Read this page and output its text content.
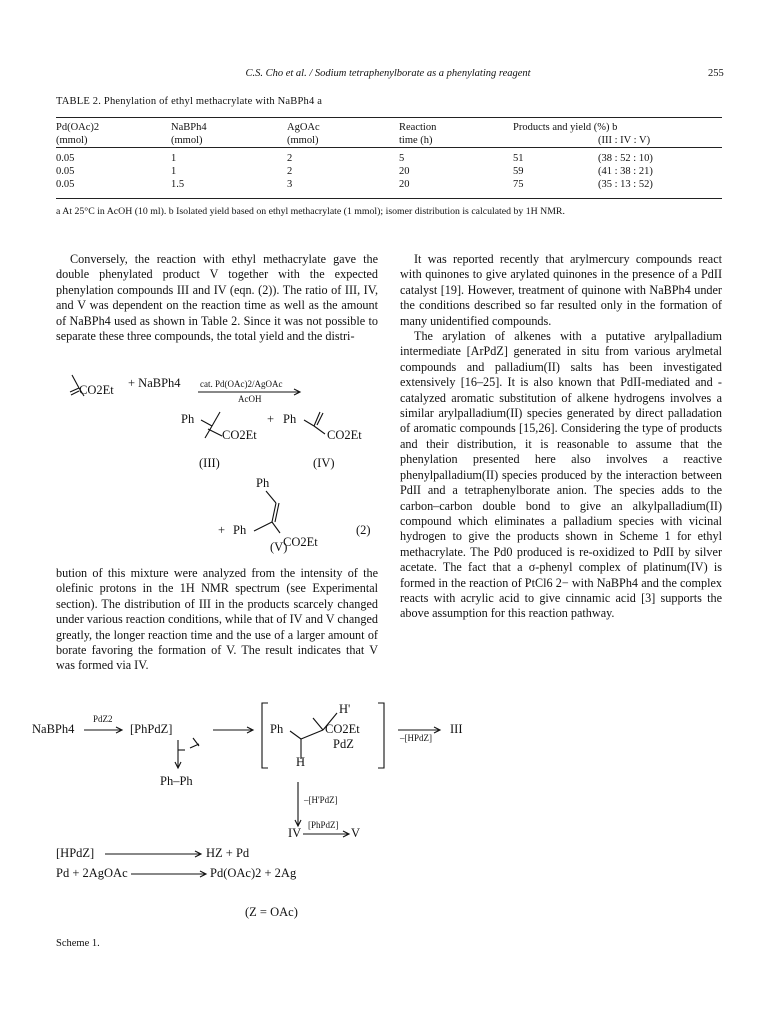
C.S. Cho et al. / Sodium tetraphenylborate as a phenylating reagent	255
TABLE 2. Phenylation of ethyl methacrylate with NaBPh4 a
Pd(OAc)2	NaBPh4	AgOAc	Reaction	Products and yield (%) b	
(mmol)	(mmol)	(mmol)	time (h)		(III : IV : V)

0.05	1	2	5	51	(38 : 52 : 10)
0.05	1	2	20	59	(41 : 38 : 21)
0.05	1.5	3	20	75	(35 : 13 : 52)
a At 25°C in AcOH (10 ml). b Isolated yield based on ethyl methacrylate (1 mmol); isomer distribution is calculated by 1H NMR.

Conversely, the reaction with ethyl methacrylate gave the double phenylated product V together with the expected phenylation compounds III and IV (eqn. (2)). The ratio of III, IV, and V was dependent on the reaction time as well as the amount of NaBPh4 used as shown in Table 2. Since it was not possible to separate these three compounds, the total yield and the distri-

bution of this mixture were analyzed from the intensity of the olefinic protons in the 1H NMR spectrum (see Experimental section). The distribution of III in the products scarcely changed under various reaction conditions, while that of IV and V changed greatly, the longer reaction time and the use of a larger amount of borate favoring the formation of V. The result indicates that V was formed via IV.

It was reported recently that arylmercury compounds react with quinones to give arylated quinones in the presence of a PdII catalyst [19]. However, treatment of quinone with NaBPh4 under the conditions described so far resulted only in the formation of many unidentified compounds.

The arylation of alkenes with a putative arylpalladium intermediate [ArPdZ] generated in situ from various arylmetal compounds and palladium(II) salts has been investigated extensively [16–25]. It is also known that PdII-mediated and -catalyzed aromatic substitution of alkene hydrogens involves a similar arylpalladium(II) species generated by direct palladation of aromatic compounds [15,26]. Considering the type of products and their distribution, it is reasonable to assume that the phenylation presented here also involves a reactive phenylpalladium(II) species produced by the interaction between PdII and a tetraphenylborate anion. The species adds to the carbon–carbon double bond to give an alkylpalladium(II) compound which eliminates a palladium species with vicinal hydrogen to give the products shown in Scheme 1 for ethyl methacrylate. The Pd0 produced is re-oxidized to PdII by silver acetate. The fact that a σ-phenyl complex of platinum(IV) is formed in the reaction of PtCl6 2− with NaBPh4 and the complex reacts with acrylic acid to give cinnamic acid [3] supports the above assumption for this reaction pathway.

CO2Et + NaBPh4 cat. Pd(OAc)2/AgOAc
AcOH
Ph
CO2Et
+ Ph
CO2Et
(III)	(IV)
Ph
+ Ph
CO2Et
(2)
(V)
NaBPh4
PdZ2
[PhPdZ]
Ph–Ph
H'
Ph	CO2Et
PdZ
H
–[HPdZ]
III
–[H'PdZ]
IV
[PhPdZ]
V
[HPdZ]	HZ + Pd
Pd + 2AgOAc	Pd(OAc)2 + 2Ag
(Z = OAc)
Scheme 1.
